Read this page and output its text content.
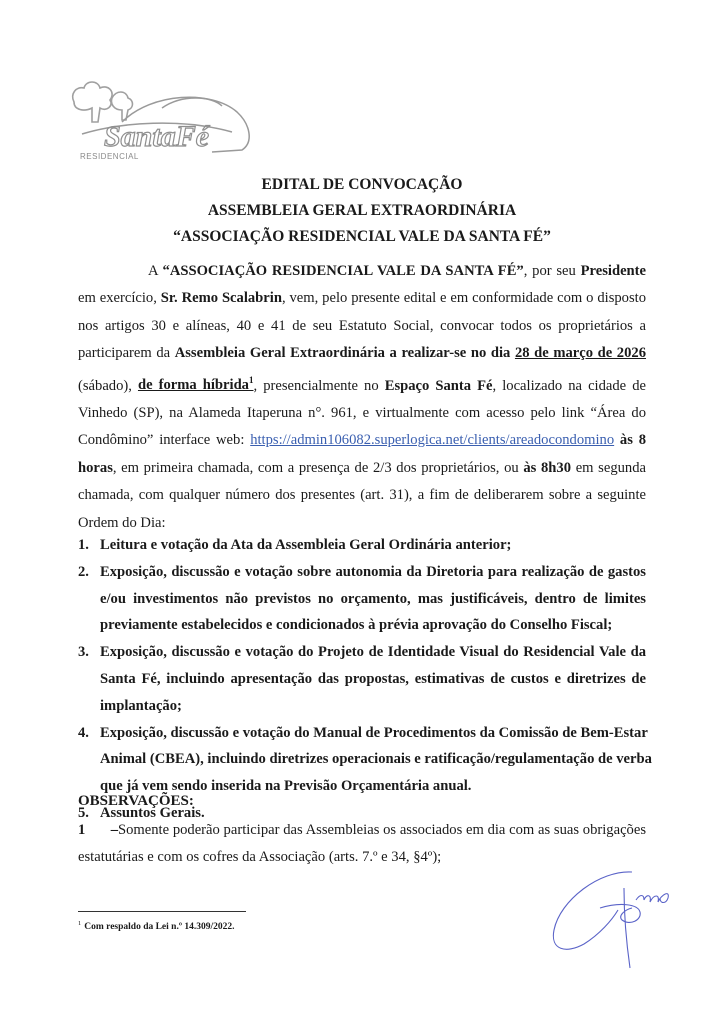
SantaFé
RESIDENCIAL
EDITAL DE CONVOCAÇÃO
ASSEMBLEIA GERAL EXTRAORDINÁRIA
“ASSOCIAÇÃO RESIDENCIAL VALE DA SANTA FÉ”
A “ASSOCIAÇÃO RESIDENCIAL VALE DA SANTA FÉ”, por seu Presidente
em exercício, Sr. Remo Scalabrin, vem, pelo presente edital e em conformidade com o disposto
nos artigos 30 e alíneas, 40 e 41 de seu Estatuto Social, convocar todos os proprietários a
participarem da Assembleia Geral Extraordinária a realizar-se no dia 28 de março de 2026
(sábado), de forma híbrida$^1$, presencialmente no Espaço Santa Fé, localizado na cidade de
Vinhedo (SP), na Alameda Itaperuna n°. 961, e virtualmente com acesso pelo link “Área do
Condômino” interface web: https://admin106082.superlogica.net/clients/areadocondomino às 8
horas, em primeira chamada, com a presença de 2/3 dos proprietários, ou às 8h30 em segunda
chamada, com qualquer número dos presentes (art. 31), a fim de deliberarem sobre a seguinte
Ordem do Dia:
1. Leitura e votação da Ata da Assembleia Geral Ordinária anterior;
2. Exposição, discussão e votação sobre autonomia da Diretoria para realização de gastos
e/ou investimentos não previstos no orçamento, mas justificáveis, dentro de limites
previamente estabelecidos e condicionados à prévia aprovação do Conselho Fiscal;
3. Exposição, discussão e votação do Projeto de Identidade Visual do Residencial Vale da
Santa Fé, incluindo apresentação das propostas, estimativas de custos e diretrizes de
implantação;
4. Exposição, discussão e votação do Manual de Procedimentos da Comissão de Bem-Estar
Animal (CBEA), incluindo diretrizes operacionais e ratificação/regulamentação de verba
que já vem sendo inserida na Previsão Orçamentária anual.
5. Assuntos Gerais.
OBSERVAÇÕES:
1 –Somente poderão participar das Assembleias os associados em dia com as suas obrigações
estatutárias e com os cofres da Associação (arts. 7.º e 34, §4º);
$^1$ Com respaldo da Lei n.º 14.309/2022.
